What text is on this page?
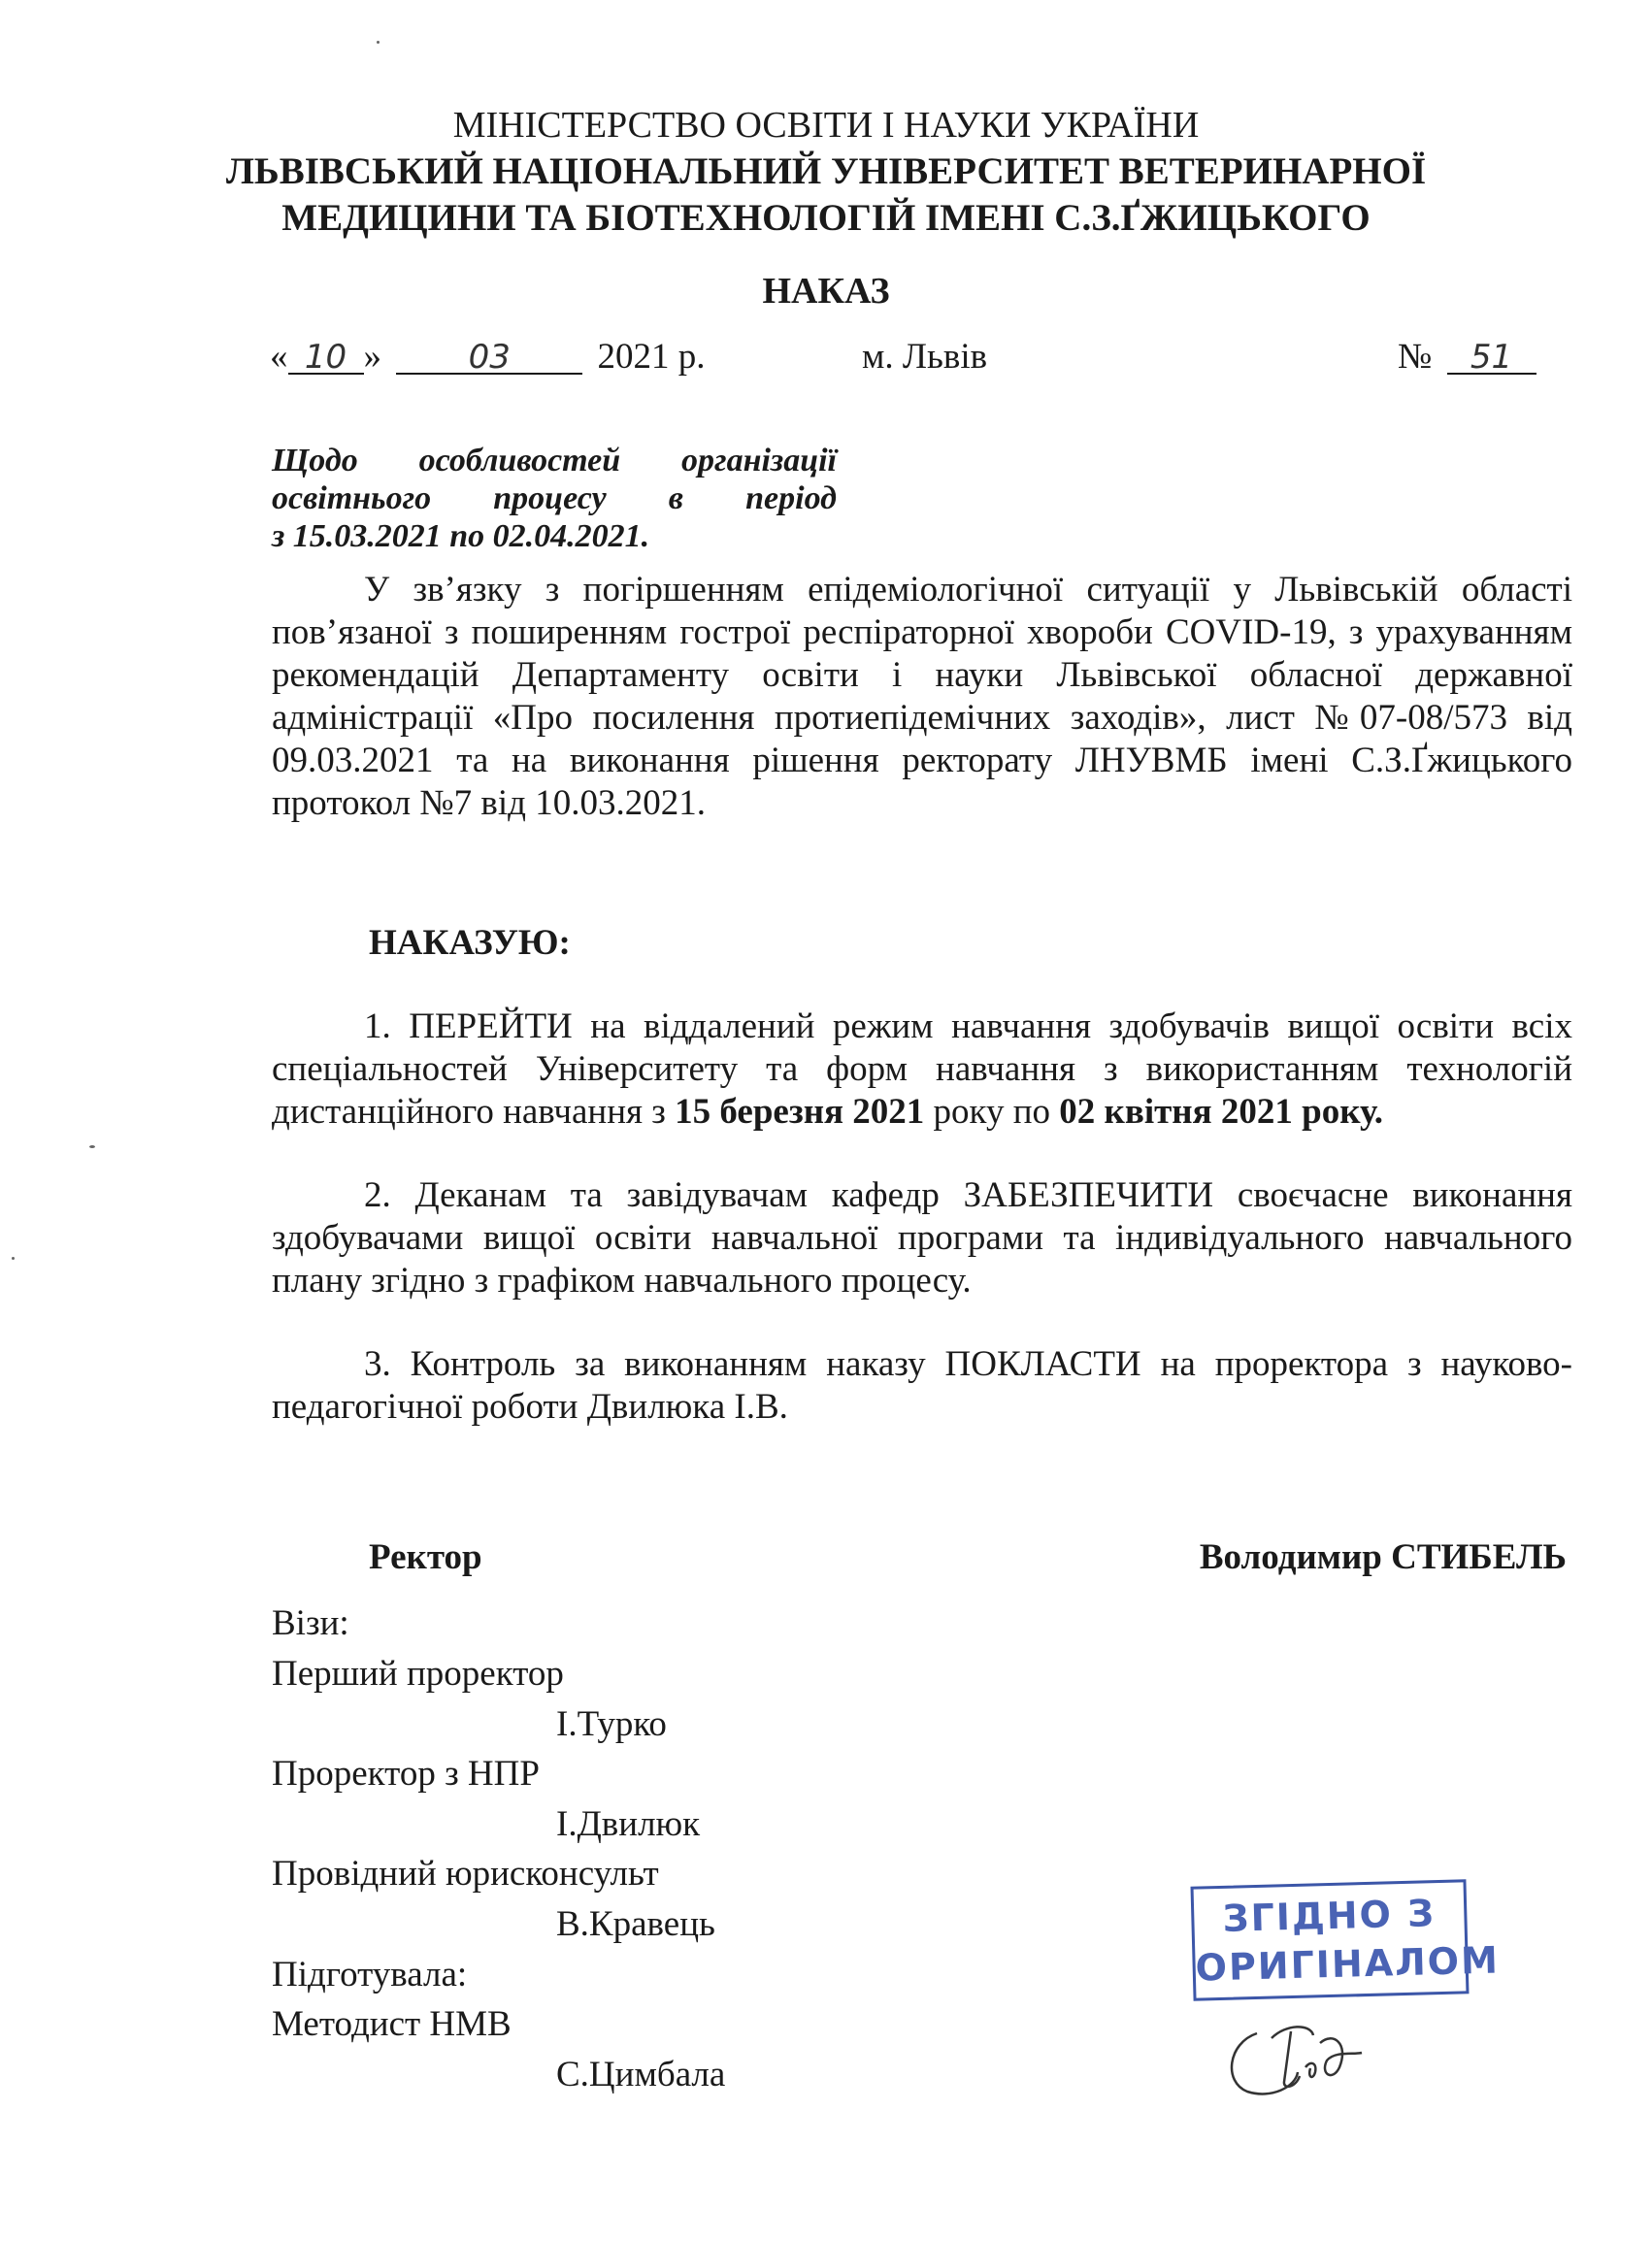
МІНІСТЕРСТВО ОСВІТИ І НАУКИ УКРАЇНИ
ЛЬВІВСЬКИЙ НАЦІОНАЛЬНИЙ УНІВЕРСИТЕТ ВЕТЕРИНАРНОЇ
МЕДИЦИНИ ТА БІОТЕХНОЛОГІЙ ІМЕНІ С.З.ҐЖИЦЬКОГО
НАКАЗ
« 10 »	03 2021 р.	м. Львів	№ 51
Щодо особливостей організації
освітнього процесу в період
з 15.03.2021 по 02.04.2021.

У зв’язку з погіршенням епідеміологічної ситуації у Львівській області пов’язаної з поширенням гострої респіраторної хвороби COVID-19, з урахуванням рекомендацій Департаменту освіти і науки Львівської обласної державної адміністрації «Про посилення протиепідемічних заходів», лист №07-08/573 від 09.03.2021 та на виконання рішення ректорату ЛНУВМБ імені С.З.Ґжицького протокол №7 від 10.03.2021.

НАКАЗУЮ:

1. ПЕРЕЙТИ на віддалений режим навчання здобувачів вищої освіти всіх спеціальностей Університету та форм навчання з використанням технологій дистанційного навчання з 15 березня 2021 року по 02 квітня 2021 року.

2. Деканам та завідувачам кафедр ЗАБЕЗПЕЧИТИ своєчасне виконання здобувачами вищої освіти навчальної програми та індивідуального навчального плану згідно з графіком навчального процесу.

3. Контроль за виконанням наказу ПОКЛАСТИ на проректора з науково-педагогічної роботи Двилюка І.В.

Ректор	Володимир СТИБЕЛЬ
Візи:
Перший проректор
І.Турко
Проректор з НПР
І.Двилюк
Провідний юрисконсульт
В.Кравець
Підготувала:
Методист НМВ
С.Цимбала
ЗГІДНО З
ОРИГІНАЛОМ
